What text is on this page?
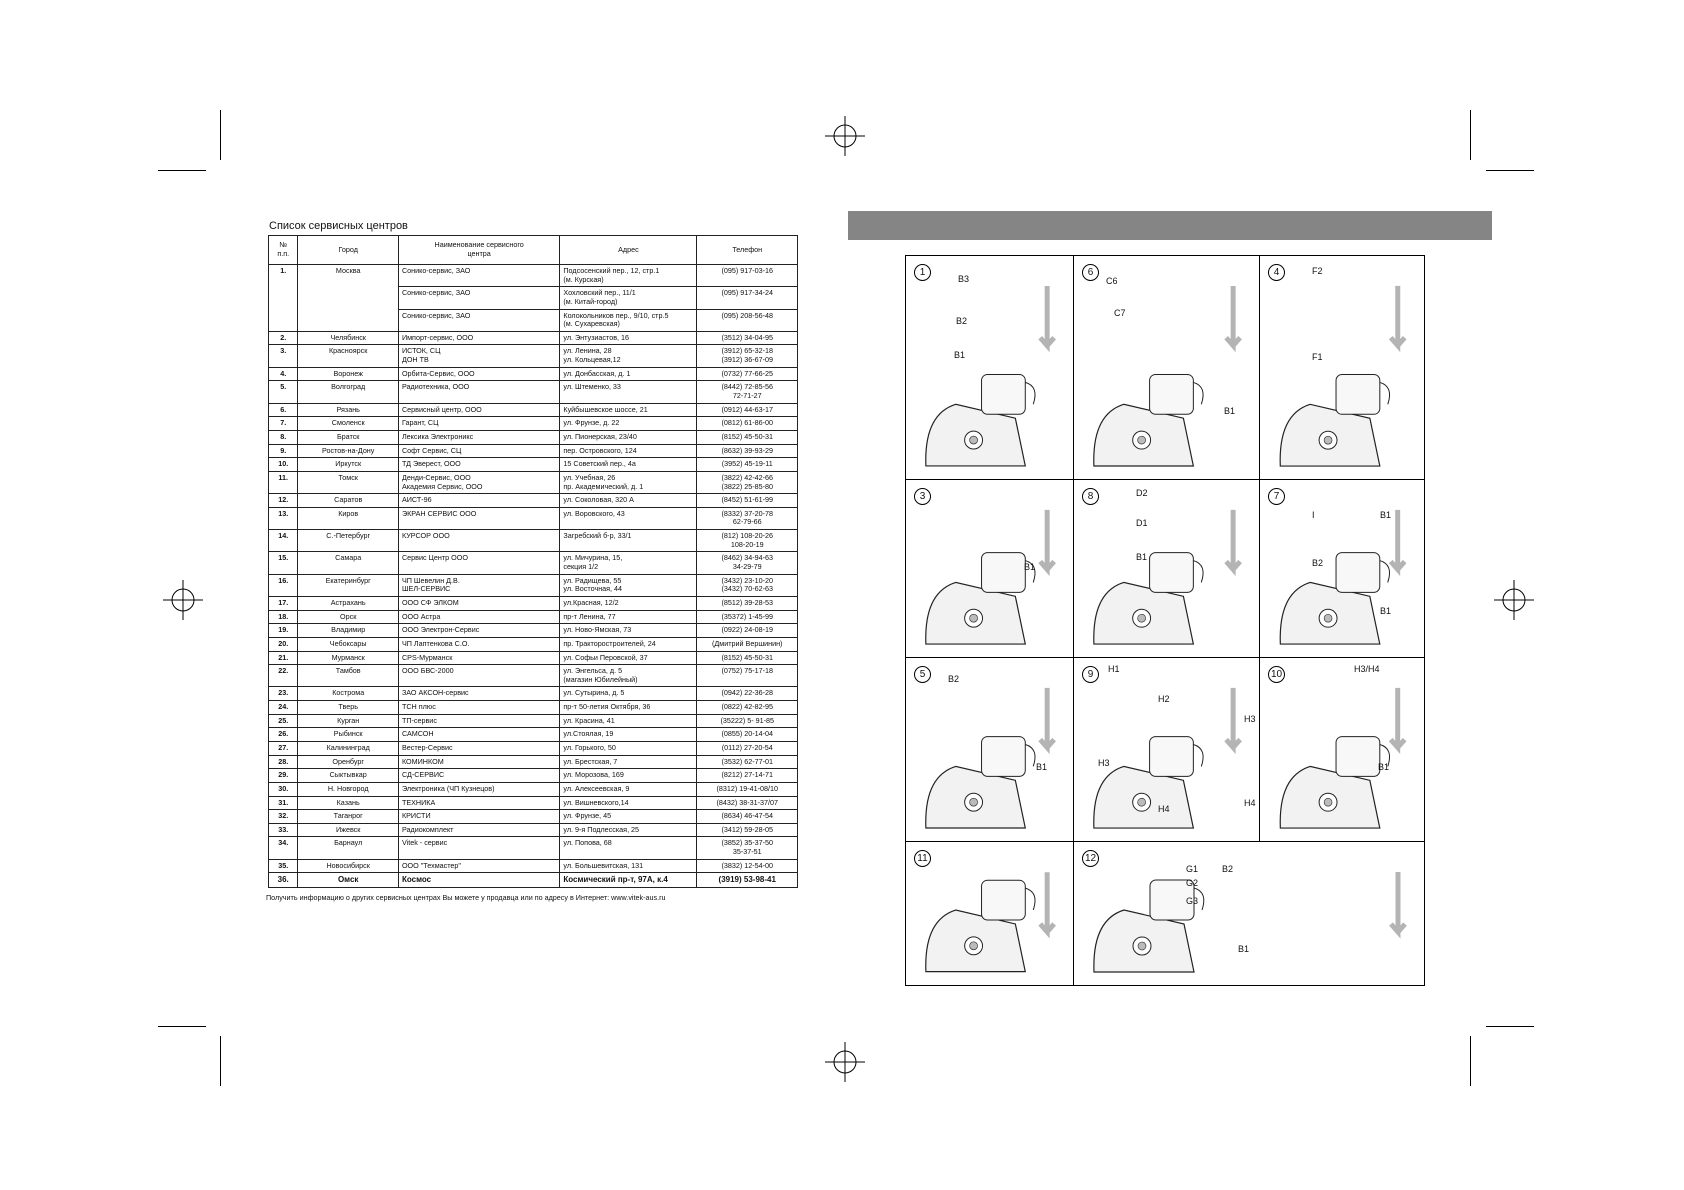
Список сервисных центров
№
п.п.	Город	Наименование сервисного
центра	Адрес	Телефон
1.	Москва	Сонико-сервис, ЗАО	Подсосенский пер., 12, стр.1
(м. Курская)	(095) 917-03-16
		Сонико-сервис, ЗАО	Хохловский пер., 11/1
(м. Китай-город)	(095) 917-34-24
		Сонико-сервис, ЗАО	Колокольников пер., 9/10, стр.5
(м. Сухаревская)	(095) 208-56-48
2.	Челябинск	Импорт-сервис, ООО	ул. Энтузиастов, 16	(3512) 34-04-95
3.	Красноярск	ИСТОК, СЦ
ДОН ТВ	ул. Ленина, 28
ул. Кольцевая,12	(3912) 65-32-18
(3912) 36-67-09
4.	Воронеж	Орбита-Сервис, ООО	ул. Донбасская, д. 1	(0732) 77-66-25
5.	Волгоград	Радиотехника, ООО	ул. Штеменко, 33	(8442) 72-85-56
72-71-27
6.	Рязань	Сервисный центр, ООО	Куйбышевское шоссе, 21	(0912) 44-63-17
7.	Смоленск	Гарант, СЦ	ул. Фрунзе, д. 22	(0812) 61-86-00
8.	Братск	Лексика Электроникс	ул. Пионерская, 23/40	(8152) 45-50-31
9.	Ростов-на-Дону	Софт Сервис, СЦ	пер. Островского, 124	(8632) 39-93-29
10.	Иркутск	ТД Эверест, ООО	15 Советский пер., 4а	(3952) 45-19-11
11.	Томск	Денди-Сервис, ООО
Академия Сервис, ООО	ул. Учебная, 26
пр. Академический, д. 1	(3822) 42-42-66
(3822) 25-85-80
12.	Саратов	АИСТ-96	ул. Соколовая, 320 А	(8452) 51-61-99
13.	Киров	ЭКРАН СЕРВИС ООО	ул. Воровского, 43	(8332) 37-20-78
62-79-66
14.	С.-Петербург	КУРСОР ООО	Загребский б-р, 33/1	(812) 108-20-26
108-20-19
15.	Самара	Сервис Центр ООО	ул. Мичурина, 15,
секция 1/2	(8462) 34-94-63
34-29-79
16.	Екатеринбург	ЧП Шевелин Д.В.
ШЕЛ-СЕРВИС	ул. Радищева, 55
ул. Восточная, 44	(3432) 23-10-20
(3432) 70-62-63
17.	Астрахань	ООО СФ ЭЛКОМ	ул.Красная, 12/2	(8512) 39-28-53
18.	Орск	ООО Астра	пр-т Ленина, 77	(35372) 1-45-99
19.	Владимир	ООО Электрон-Сервис	ул. Ново-Ямская, 73	(0922) 24-08-19
20.	Чебоксары	ЧП Лаптенкова С.О.	пр. Тракторостроителей, 24	(Дмитрий Вершинин)
21.	Мурманск	CPS-Мурманск	ул. Софьи Перовской, 37	(8152) 45-50-31
22.	Тамбов	ООО БВС-2000	ул. Энгельса, д. 5
(магазин Юбилейный)	(0752) 75-17-18
23.	Кострома	ЗАО АКСОН-сервис	ул. Сутырина, д. 5	(0942) 22-36-28
24.	Тверь	ТСН плюс	пр-т 50-летия Октября, 36	(0822) 42-82-95
25.	Курган	ТП-сервис	ул. Красина, 41	(35222) 5- 91-85
26.	Рыбинск	САМСОН	ул.Стоялая, 19	(0855) 20-14-04
27.	Калининград	Вестер-Сервис	ул. Горького, 50	(0112) 27-20-54
28.	Оренбург	КОМИНКОМ	ул. Брестская, 7	(3532) 62-77-01
29.	Сыктывкар	СД-СЕРВИС	ул. Морозова, 169	(8212) 27-14-71
30.	Н. Новгород	Электроника (ЧП Кузнецов)	ул. Алексеевская, 9	(8312) 19-41-08/10
31.	Казань	ТЕХНИКА	ул. Вишневского,14	(8432) 38-31-37/07
32.	Таганрог	КРИСТИ	ул. Фрунзе, 45	(8634) 46-47-54
33.	Ижевск	Радиокомплект	ул. 9-я Подлесская, 25	(3412) 59-28-05
34.	Барнаул	Vitek - сервис	ул. Попова, 68	(3852) 35-37-50
35-37-51
35.	Новосибирск	ООО "Техмастер"	ул. Большевитская, 131	(3832) 12-54-00
36.	Омск	Космос	Космический пр-т, 97А, к.4	(3919) 53-98-41
Получить информацию о других сервисных центрах Вы можете у продавца или по адресу в Интернет: www.vitek-aus.ru
1
B3
B2
B1
6
C6
C7
B1
4	F2
F1
3
B1
8	D2
D1
B1
7
I	B1
B2
B1
5	B2
B1
9	H1
H2
H3
H3
H4
H4
10	H3/H4
B1
11	12
B2
B1
G1
G2
G3
